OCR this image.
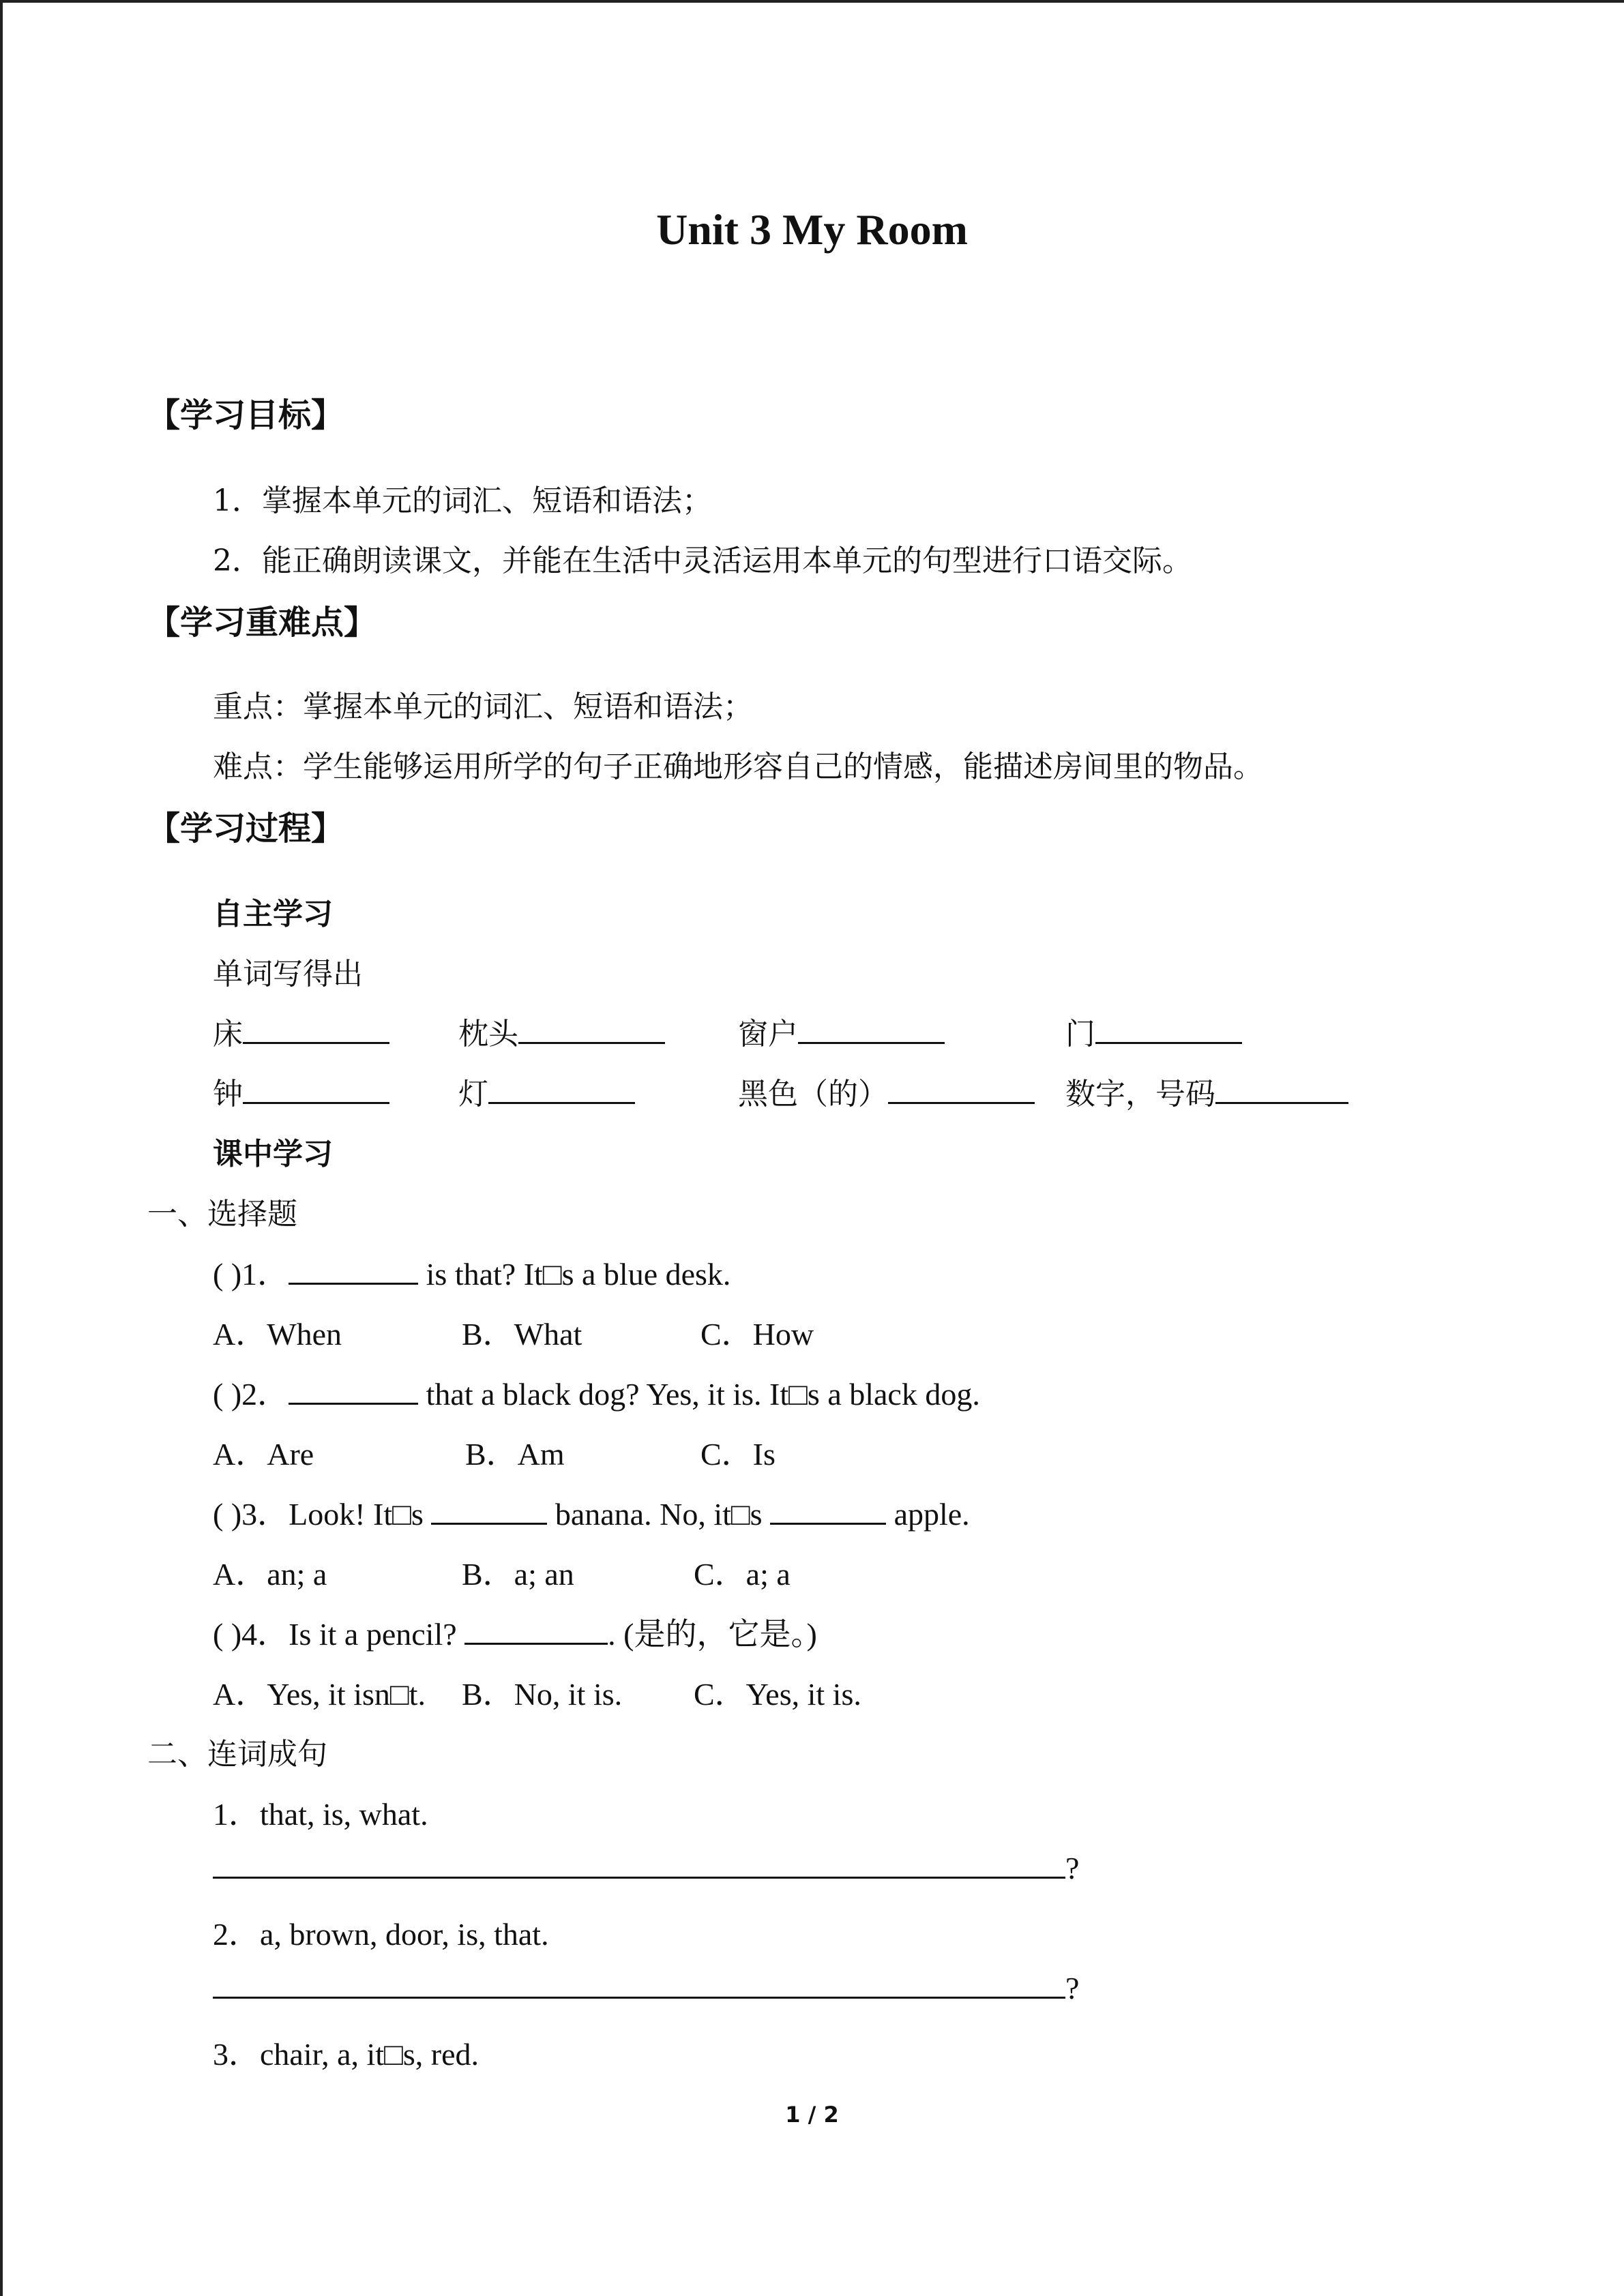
Unit 3 My Room
【学习目标】
1．掌握本单元的词汇、短语和语法；
2．能正确朗读课文，并能在生活中灵活运用本单元的句型进行口语交际。
【学习重难点】
重点：掌握本单元的词汇、短语和语法；
难点：学生能够运用所学的句子正确地形容自己的情感，能描述房间里的物品。
【学习过程】
自主学习
单词写得出
床	枕头	窗户	门
钟	灯	黑色（的）	数字，号码
课中学习
一、选择题
( )1．	is that? It□s a blue desk.
A．When	B．What	C．How
( )2．	that a black dog? Yes, it is. It□s a black dog.
A．Are	B．Am	C．Is
( )3．Look! It□s	banana. No, it□s	apple.
A．an; a	B．a; an	C．a; a
( )4．Is it a pencil?	. (是的，它是。)
A．Yes, it isn□t. B．No, it is. C．Yes, it is.
二、连词成句
1．that, is, what.
?
2．a, brown, door, is, that.
?
3．chair, a, it□s, red.
1 / 2
